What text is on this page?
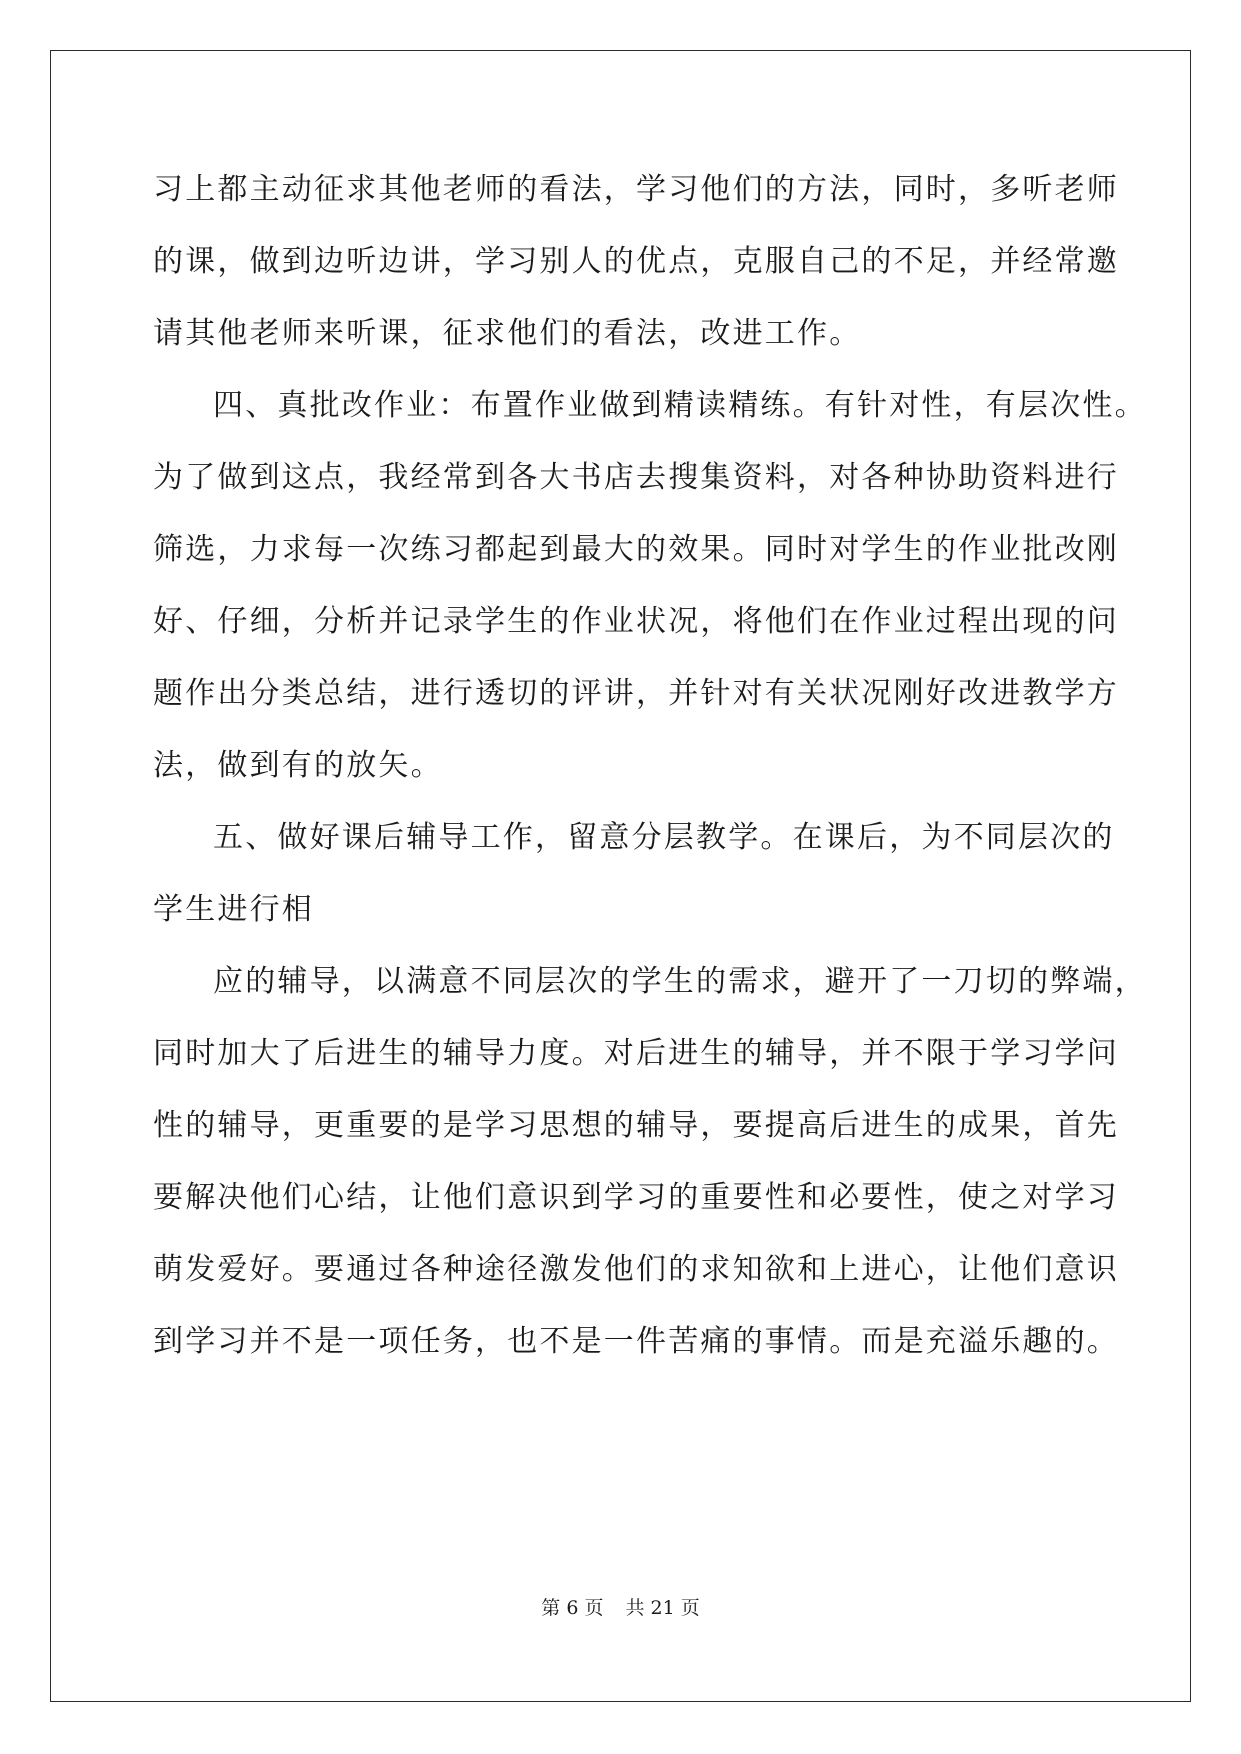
习上都主动征求其他老师的看法，学习他们的方法，同时，多听老师
的课，做到边听边讲，学习别人的优点，克服自己的不足，并经常邀
请其他老师来听课，征求他们的看法，改进工作。
四、真批改作业：布置作业做到精读精练。有针对性，有层次性。
为了做到这点，我经常到各大书店去搜集资料，对各种协助资料进行
筛选，力求每一次练习都起到最大的效果。同时对学生的作业批改刚
好、仔细，分析并记录学生的作业状况，将他们在作业过程出现的问
题作出分类总结，进行透切的评讲，并针对有关状况刚好改进教学方
法，做到有的放矢。
五、做好课后辅导工作，留意分层教学。在课后，为不同层次的
学生进行相
应的辅导，以满意不同层次的学生的需求，避开了一刀切的弊端，
同时加大了后进生的辅导力度。对后进生的辅导，并不限于学习学问
性的辅导，更重要的是学习思想的辅导，要提高后进生的成果，首先
要解决他们心结，让他们意识到学习的重要性和必要性，使之对学习
萌发爱好。要通过各种途径激发他们的求知欲和上进心，让他们意识
到学习并不是一项任务，也不是一件苦痛的事情。而是充溢乐趣的。
第 6 页 共 21 页
